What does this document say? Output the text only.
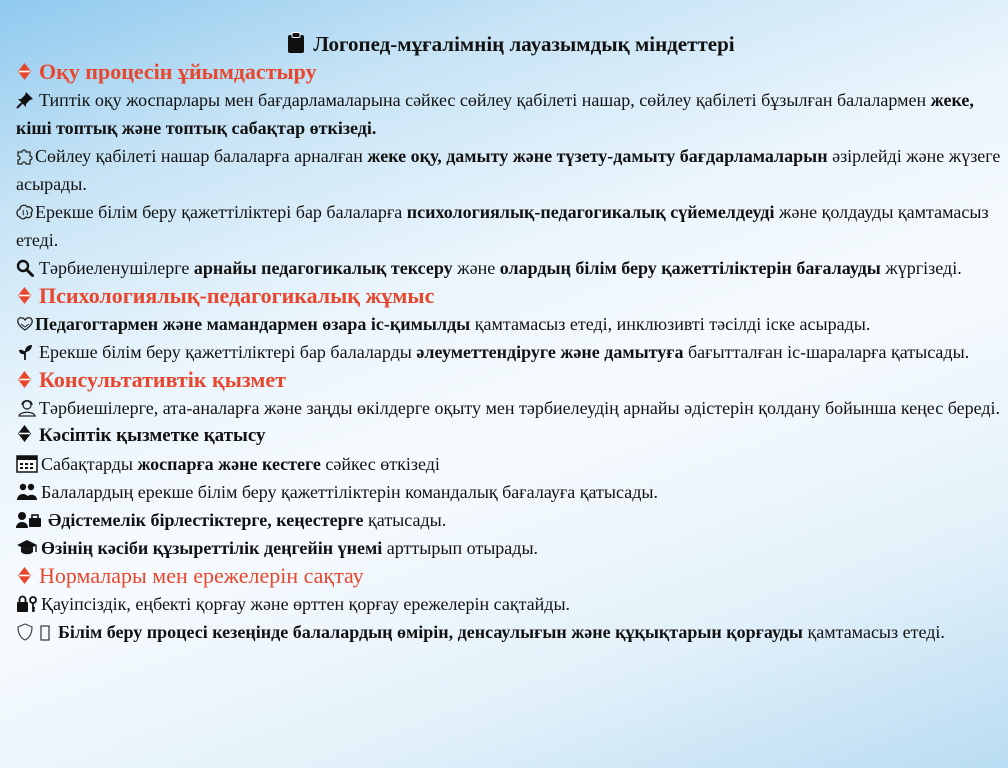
Логопед-мұғалімнің лауазымдық міндеттері
Оқу процесін ұйымдастыру

Типтік оқу жоспарлары мен бағдарламаларына сәйкес сөйлеу қабілеті нашар, сөйлеу қабілеті бұзылған балалармен жеке, кіші топтық және топтық сабақтар өткізеді.

Сөйлеу қабілеті нашар балаларға арналған жеке оқу, дамыту және түзету-дамыту бағдарламаларын әзірлейді және жүзеге асырады.

Ерекше білім беру қажеттіліктері бар балаларға психологиялық-педагогикалық сүйемелдеуді және қолдауды қамтамасыз етеді.

Тәрбиеленушілерге арнайы педагогикалық тексеру және олардың білім беру қажеттіліктерін бағалауды жүргізеді.

Психологиялық-педагогикалық жұмыс

Педагогтармен және мамандармен өзара іс-қимылды қамтамасыз етеді, инклюзивті тәсілді іске асырады.

Ерекше білім беру қажеттіліктері бар балаларды әлеуметтендіруге және дамытуға бағытталған іс-шараларға қатысады.

Консультативтік қызмет

Тәрбиешілерге, ата-аналарға және заңды өкілдерге оқыту мен тәрбиелеудің арнайы әдістерін қолдану бойынша кеңес береді.

Кәсіптік қызметке қатысу

Сабақтарды жоспарға және кестеге сәйкес өткізеді

Балалардың ерекше білім беру қажеттіліктерін командалық бағалауға қатысады.

Әдістемелік бірлестіктерге, кеңестерге қатысады.

Өзінің кәсіби құзыреттілік деңгейін үнемі арттырып отырады.

Нормалары мен ережелерін сақтау

Қауіпсіздік, еңбекті қорғау және өрттен қорғау ережелерін сақтайды.

Білім беру процесі кезеңінде балалардың өмірін, денсаулығын және құқықтарын қорғауды қамтамасыз етеді.
